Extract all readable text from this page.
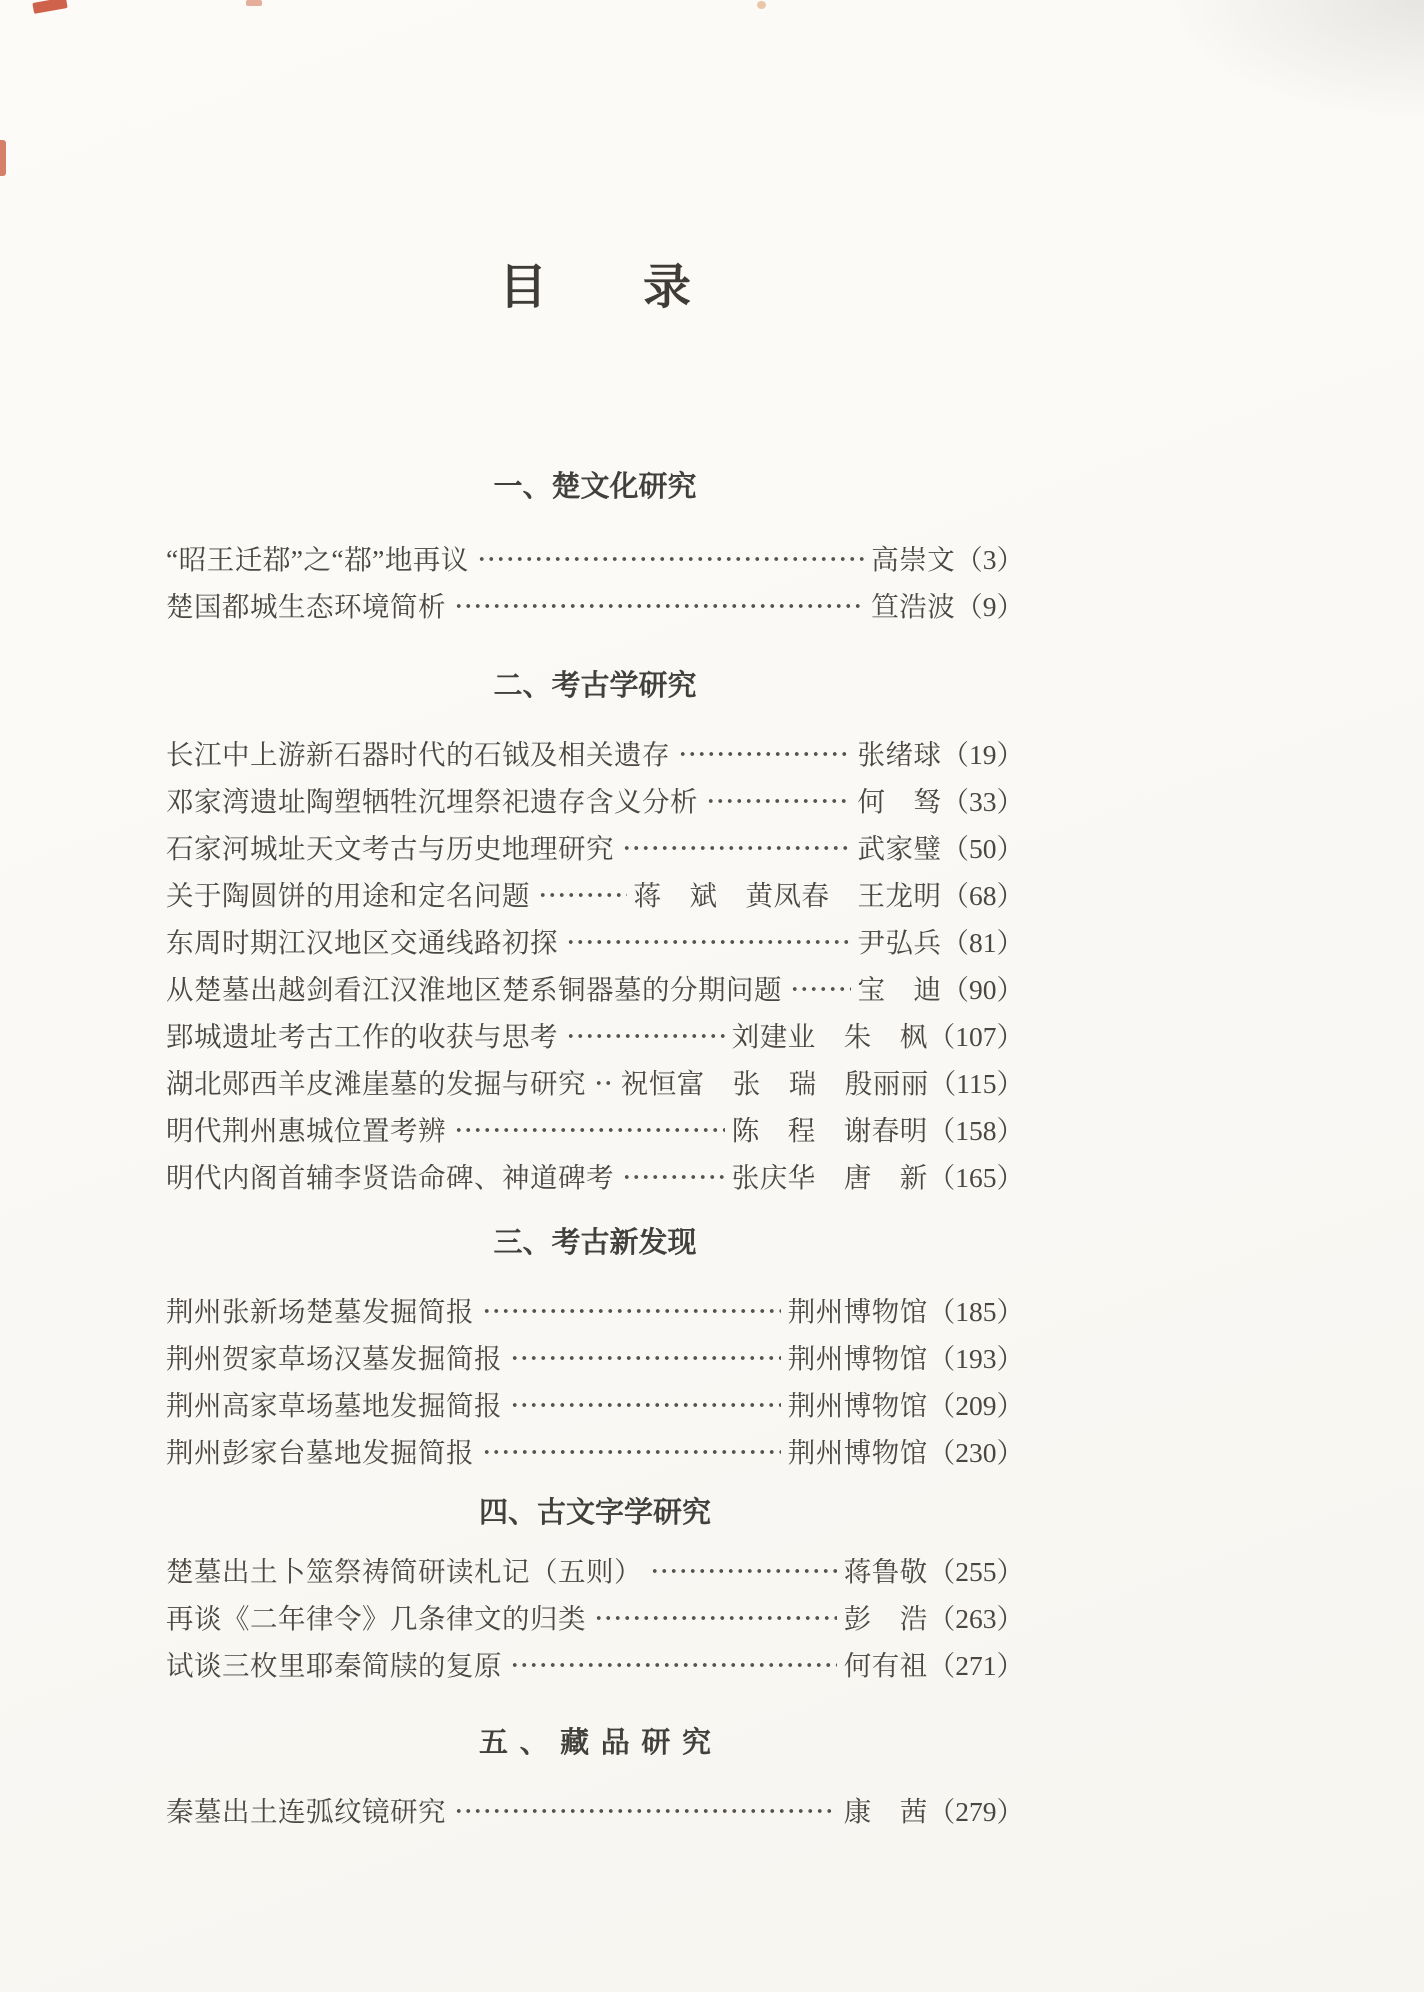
目　　录
一、楚文化研究
“昭王迁鄀”之“鄀”地再议	高崇文 （3）
楚国都城生态环境简析	笪浩波 （9）
二、考古学研究
长江中上游新石器时代的石钺及相关遗存	张绪球 （19）
邓家湾遗址陶塑牺牲沉埋祭祀遗存含义分析	何　驽 （33）
石家河城址天文考古与历史地理研究	武家璧 （50）
关于陶圆饼的用途和定名问题	蒋　斌　黄凤春　王龙明 （68）
东周时期江汉地区交通线路初探	尹弘兵 （81）
从楚墓出越剑看江汉淮地区楚系铜器墓的分期问题	宝　迪 （90）
郢城遗址考古工作的收获与思考	刘建业　朱　枫 （107）
湖北郧西羊皮滩崖墓的发掘与研究 祝恒富　张　瑞　殷丽丽 （115）
明代荆州惠城位置考辨	陈　程　谢春明 （158）
明代内阁首辅李贤诰命碑、神道碑考	张庆华　唐　新 （165）
三、考古新发现
荆州张新场楚墓发掘简报	荆州博物馆 （185）
荆州贺家草场汉墓发掘简报	荆州博物馆 （193）
荆州高家草场墓地发掘简报	荆州博物馆 （209）
荆州彭家台墓地发掘简报	荆州博物馆 （230）
四、古文字学研究
楚墓出土卜筮祭祷简研读札记（五则）	蒋鲁敬 （255）
再谈《二年律令》几条律文的归类	彭　浩 （263）
试谈三枚里耶秦简牍的复原	何有祖 （271）
五、藏品研究
秦墓出土连弧纹镜研究	康　茜 （279）
